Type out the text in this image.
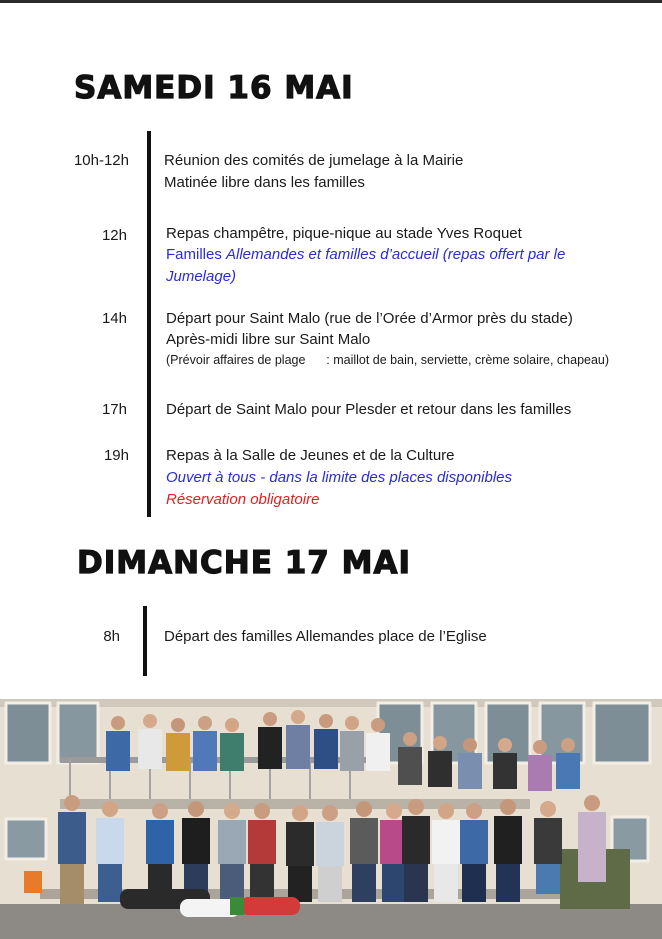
SAMEDI 16 MAI
10h-12h Réunion des comités de jumelage à la Mairie
Matinée libre dans les familles
12h	Repas champêtre, pique-nique au stade Yves Roquet
Familles Allemandes et familles d’accueil (repas offert par le
Jumelage)
14h	Départ pour Saint Malo (rue de l’Orée d’Armor près du stade)
Après-midi libre sur Saint Malo
(Prévoir affaires de plage      : maillot de bain, serviette, crème solaire, chapeau)
17h	Départ de Saint Malo pour Plesder et retour dans les familles
19h Repas à la Salle de Jeunes et de la Culture
Ouvert à tous - dans la limite des places disponibles
Réservation obligatoire
DIMANCHE 17 MAI
8h	Départ des familles Allemandes place de l’Eglise
